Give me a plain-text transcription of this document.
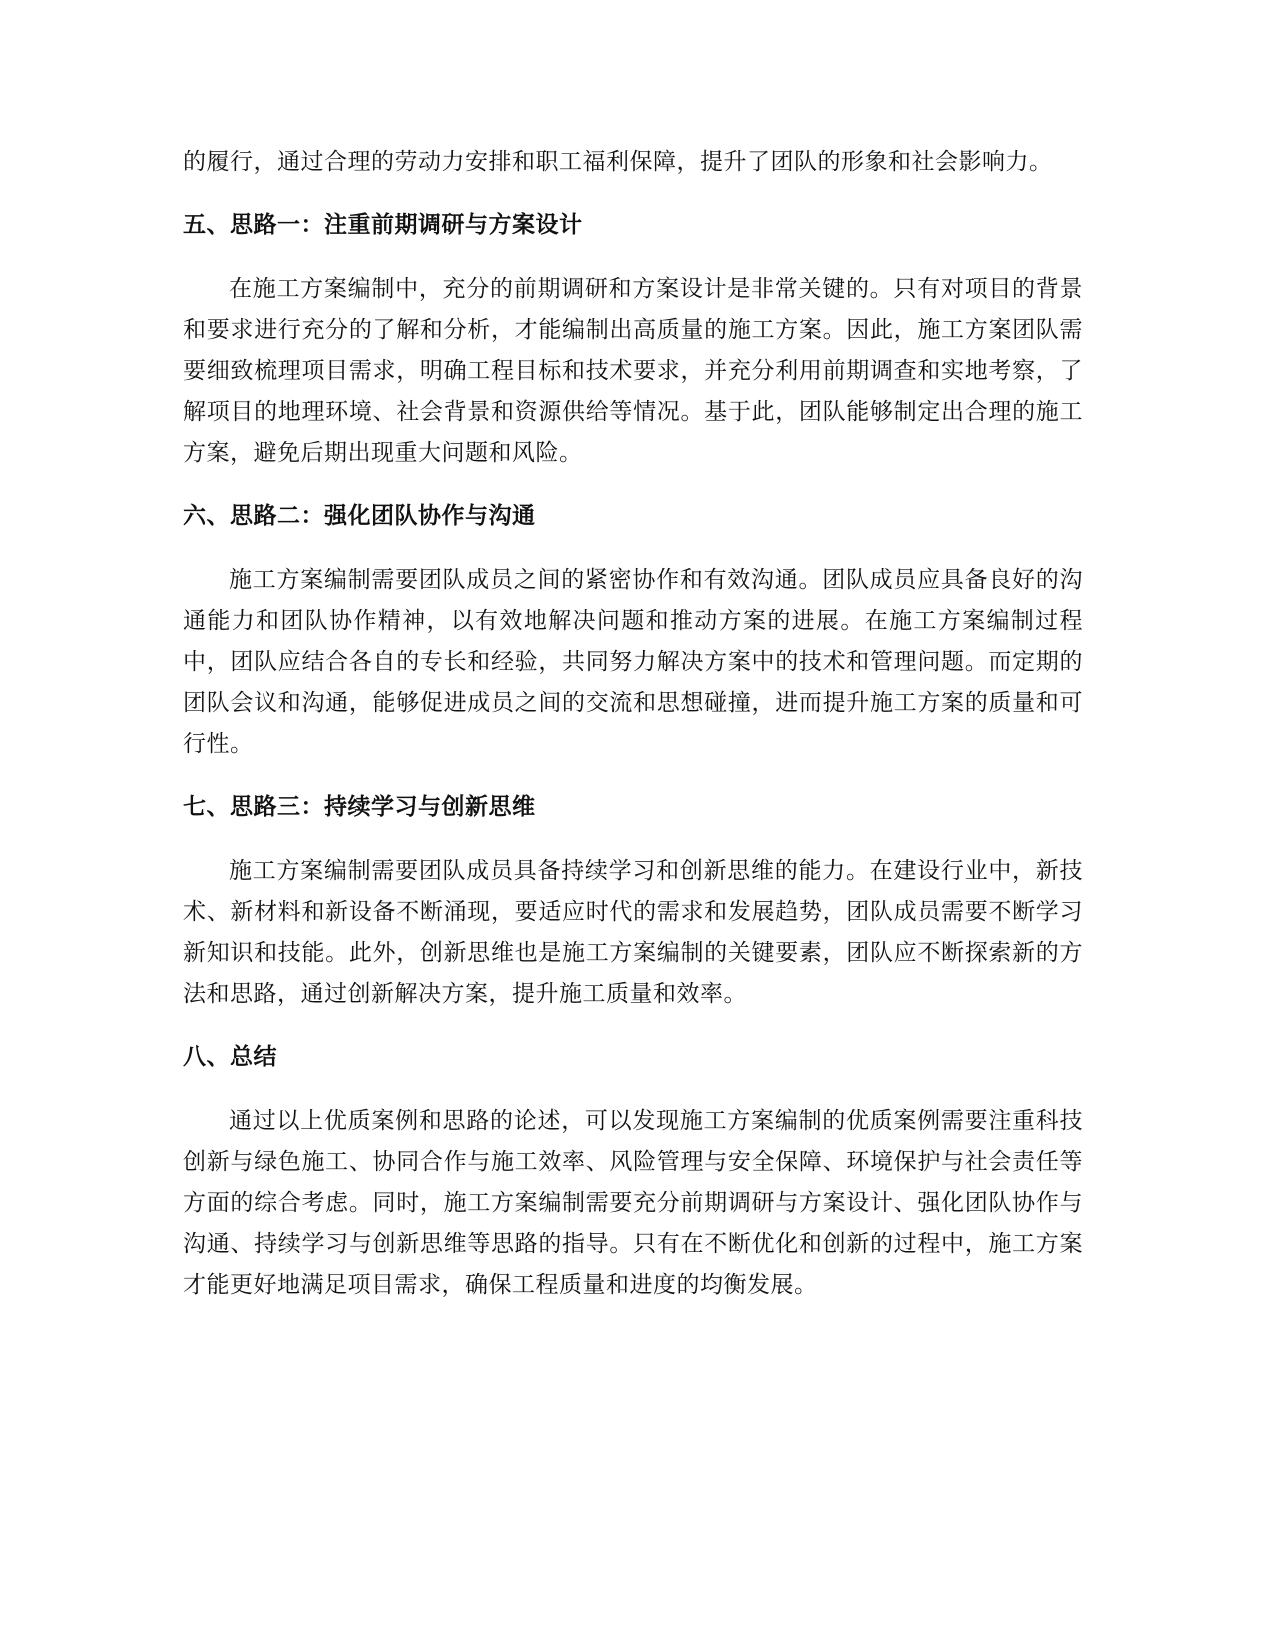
的履行，通过合理的劳动力安排和职工福利保障，提升了团队的形象和社会影响力。

五、思路一：注重前期调研与方案设计

在施工方案编制中，充分的前期调研和方案设计是非常关键的。只有对项目的背景和要求进行充分的了解和分析，才能编制出高质量的施工方案。因此，施工方案团队需要细致梳理项目需求，明确工程目标和技术要求，并充分利用前期调查和实地考察，了解项目的地理环境、社会背景和资源供给等情况。基于此，团队能够制定出合理的施工方案，避免后期出现重大问题和风险。

六、思路二：强化团队协作与沟通

施工方案编制需要团队成员之间的紧密协作和有效沟通。团队成员应具备良好的沟通能力和团队协作精神，以有效地解决问题和推动方案的进展。在施工方案编制过程中，团队应结合各自的专长和经验，共同努力解决方案中的技术和管理问题。而定期的团队会议和沟通，能够促进成员之间的交流和思想碰撞，进而提升施工方案的质量和可行性。

七、思路三：持续学习与创新思维

施工方案编制需要团队成员具备持续学习和创新思维的能力。在建设行业中，新技术、新材料和新设备不断涌现，要适应时代的需求和发展趋势，团队成员需要不断学习新知识和技能。此外，创新思维也是施工方案编制的关键要素，团队应不断探索新的方法和思路，通过创新解决方案，提升施工质量和效率。

八、总结

通过以上优质案例和思路的论述，可以发现施工方案编制的优质案例需要注重科技创新与绿色施工、协同合作与施工效率、风险管理与安全保障、环境保护与社会责任等方面的综合考虑。同时，施工方案编制需要充分前期调研与方案设计、强化团队协作与沟通、持续学习与创新思维等思路的指导。只有在不断优化和创新的过程中，施工方案才能更好地满足项目需求，确保工程质量和进度的均衡发展。
